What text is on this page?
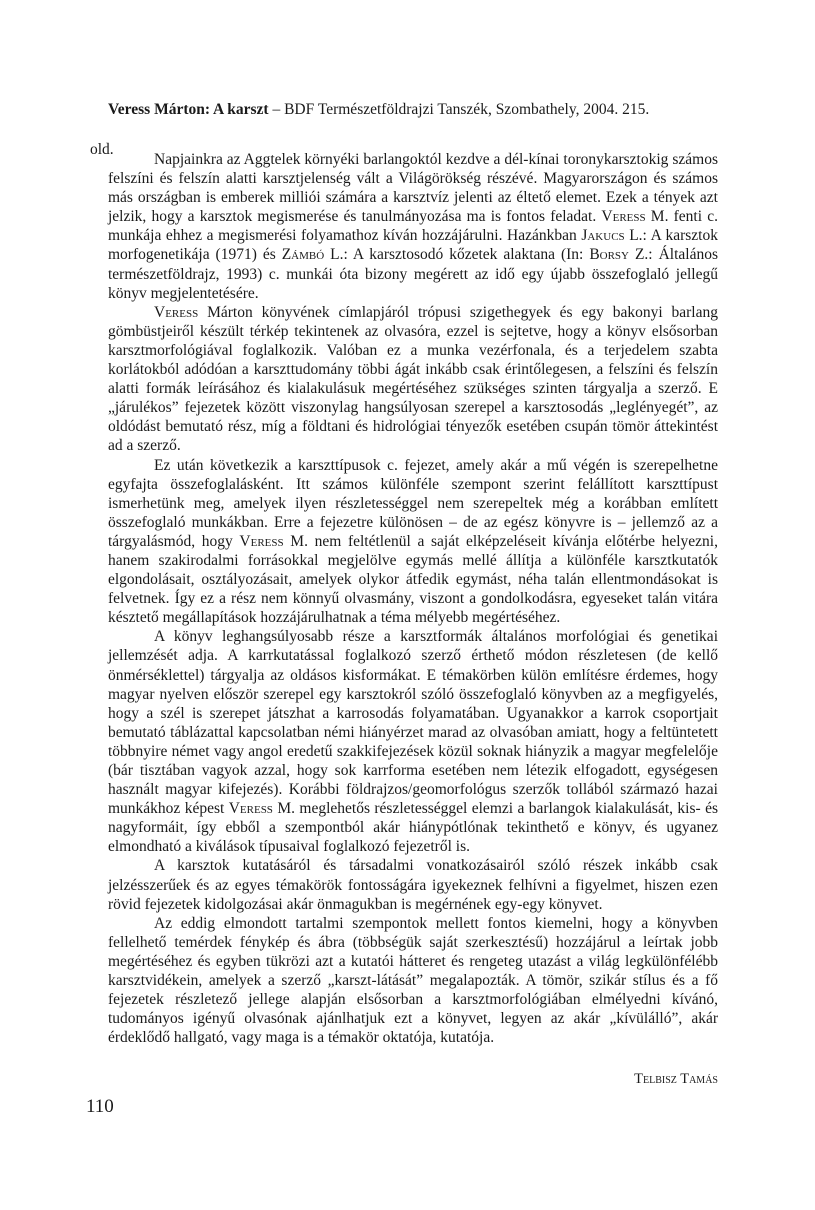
Veress Márton: A karszt – BDF Természetföldrajzi Tanszék, Szombathely, 2004. 215.
old.

Napjainkra az Aggtelek környéki barlangoktól kezdve a dél-kínai toronykarsztokig számos felszíni és felszín alatti karsztjelenség vált a Világörökség részévé. Magyarországon és számos más országban is emberek milliói számára a karsztvíz jelenti az éltető elemet. Ezek a tények azt jelzik, hogy a karsztok megismerése és tanulmányozása ma is fontos feladat. Veress M. fenti c. munkája ehhez a megismerési folyamathoz kíván hozzájárulni. Hazánkban Jakucs L.: A karsztok morfogenetikája (1971) és Zámbó L.: A karsztosodó kőzetek alaktana (In: Borsy Z.: Általános természetföldrajz, 1993) c. munkái óta bizony megérett az idő egy újabb összefoglaló jellegű könyv megjelentetésére.

Veress Márton könyvének címlapjáról trópusi szigethegyek és egy bakonyi barlang gömbüstjeiről készült térkép tekintenek az olvasóra, ezzel is sejtetve, hogy a könyv elsősorban karsztmorfológiával foglalkozik. Valóban ez a munka vezérfonala, és a terjedelem szabta korlátokból adódóan a karszttudomány többi ágát inkább csak érintőlegesen, a felszíni és felszín alatti formák leírásához és kialakulásuk megértéséhez szükséges szinten tárgyalja a szerző. E „járulékos” fejezetek között viszonylag hangsúlyosan szerepel a karsztosodás „leglényegét”, az oldódást bemutató rész, míg a földtani és hidrológiai tényezők esetében csupán tömör áttekintést ad a szerző.

Ez után következik a karszttípusok c. fejezet, amely akár a mű végén is szerepelhetne egyfajta összefoglalásként. Itt számos különféle szempont szerint felállított karszttípust ismerhetünk meg, amelyek ilyen részletességgel nem szerepeltek még a korábban említett összefoglaló munkákban. Erre a fejezetre különösen – de az egész könyvre is – jellemző az a tárgyalásmód, hogy Veress M. nem feltétlenül a saját elképzeléseit kívánja előtérbe helyezni, hanem szakirodalmi forrásokkal megjelölve egymás mellé állítja a különféle karsztkutatók elgondolásait, osztályozásait, amelyek olykor átfedik egymást, néha talán ellentmondásokat is felvetnek. Így ez a rész nem könnyű olvasmány, viszont a gondolkodásra, egyeseket talán vitára késztető megállapítások hozzájárulhatnak a téma mélyebb megértéséhez.

A könyv leghangsúlyosabb része a karsztformák általános morfológiai és genetikai jellemzését adja. A karrkutatással foglalkozó szerző érthető módon részletesen (de kellő önmérséklettel) tárgyalja az oldásos kisformákat. E témakörben külön említésre érdemes, hogy magyar nyelven először szerepel egy karsztokról szóló összefoglaló könyvben az a megfigyelés, hogy a szél is szerepet játszhat a karrosodás folyamatában. Ugyanakkor a karrok csoportjait bemutató táblázattal kapcsolatban némi hiányérzet marad az olvasóban amiatt, hogy a feltüntetett többnyire német vagy angol eredetű szakkifejezések közül soknak hiányzik a magyar megfelelője (bár tisztában vagyok azzal, hogy sok karrforma esetében nem létezik elfogadott, egységesen használt magyar kifejezés). Korábbi földrajzos/geomorfológus szerzők tollából származó hazai munkákhoz képest Veress M. meglehetős részletességgel elemzi a barlangok kialakulását, kis- és nagyformáit, így ebből a szempontból akár hiánypótlónak tekinthető e könyv, és ugyanez elmondható a kiválások típusaival foglalkozó fejezetről is.

A karsztok kutatásáról és társadalmi vonatkozásairól szóló részek inkább csak jelzésszerűek és az egyes témakörök fontosságára igyekeznek felhívni a figyelmet, hiszen ezen rövid fejezetek kidolgozásai akár önmagukban is megérnének egy-egy könyvet.

Az eddig elmondott tartalmi szempontok mellett fontos kiemelni, hogy a könyvben fellelhető temérdek fénykép és ábra (többségük saját szerkesztésű) hozzájárul a leírtak jobb megértéséhez és egyben tükrözi azt a kutatói hátteret és rengeteg utazást a világ legkülönfélébb karsztvidékein, amelyek a szerző „karszt-látását” megalapozták. A tömör, szikár stílus és a fő fejezetek részletező jellege alapján elsősorban a karsztmorfológiában elmélyedni kívánó, tudományos igényű olvasónak ajánlhatjuk ezt a könyvet, legyen az akár „kívülálló”, akár érdeklődő hallgató, vagy maga is a témakör oktatója, kutatója.

Telbisz Tamás
110
